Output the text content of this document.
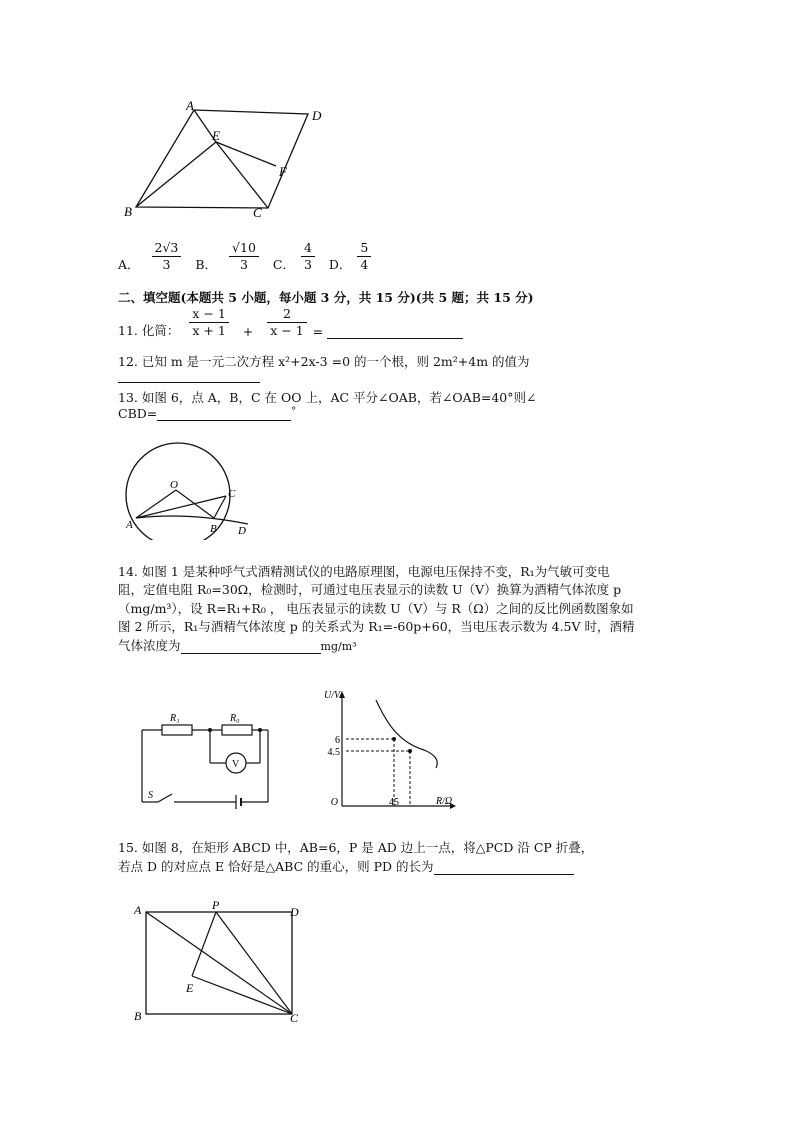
A
D
E
F
B	C
A． $\frac{2√3}{3}$ B． $\frac{√10}{3}$ C． $\frac{4}{3}$ D． $\frac{5}{4}$
二、填空题(本题共 5 小题，每小题 3 分，共 15 分)(共 5 题；共 15 分)
11. 化简： $\frac{x - 1}{x + 1} + \frac{2}{x - 1}$ =
12. 已知 m 是一元二次方程 x²+2x-3 =0 的一个根，则 2m²+4m 的值为
13. 如图 6，点 A，B，C 在 OO 上，AC 平分∠OAB，若∠OAB=40°则∠
CBD=	°
O
C
A	B D
14. 如图 1 是某种呼气式酒精测试仪的电路原理图，电源电压保持不变，R₁为气敏可变电
阻，定值电阻 R₀=30Ω，检测时，可通过电压表显示的读数 U（V）换算为酒精气体浓度 p
（mg/m³），设 R=R₁+R₀ ， 电压表显示的读数 U（V）与 R（Ω）之间的反比例函数图象如
图 2 所示，R₁与酒精气体浓度 p 的关系式为 R₁=-60p+60，当电压表示数为 4.5V 时，酒精
气体浓度为	mg/m³
R₁	R₀
V
S
U/V
R/Ω
O
6
4.5
45
15. 如图 8，在矩形 ABCD 中，AB=6，P 是 AD 边上一点，将△PCD 沿 CP 折叠，
若点 D 的对应点 E 恰好是△ABC 的重心，则 PD 的长为
A	P	D
E
B	C
